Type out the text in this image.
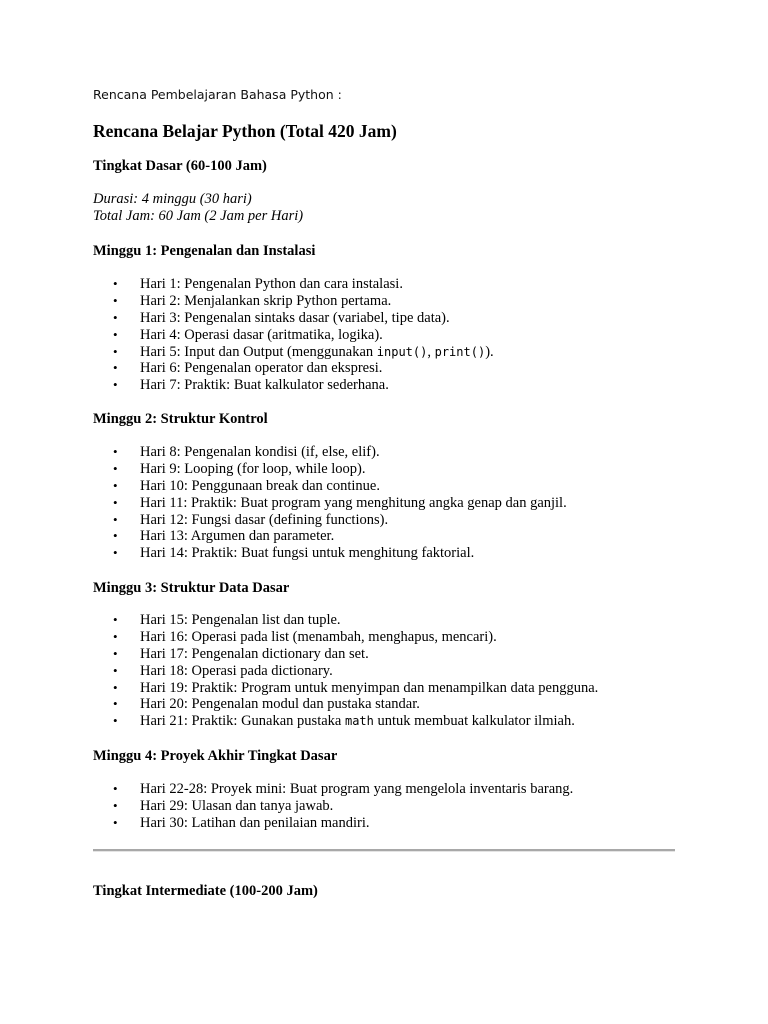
Rencana Pembelajaran Bahasa Python :
Rencana Belajar Python (Total 420 Jam)
Tingkat Dasar (60-100 Jam)
Durasi: 4 minggu (30 hari)
Total Jam: 60 Jam (2 Jam per Hari)
Minggu 1: Pengenalan dan Instalasi
• Hari 1: Pengenalan Python dan cara instalasi.
• Hari 2: Menjalankan skrip Python pertama.
• Hari 3: Pengenalan sintaks dasar (variabel, tipe data).
• Hari 4: Operasi dasar (aritmatika, logika).
• Hari 5: Input dan Output (menggunakan input(), print()).
• Hari 6: Pengenalan operator dan ekspresi.
• Hari 7: Praktik: Buat kalkulator sederhana.
Minggu 2: Struktur Kontrol
• Hari 8: Pengenalan kondisi (if, else, elif).
• Hari 9: Looping (for loop, while loop).
• Hari 10: Penggunaan break dan continue.
• Hari 11: Praktik: Buat program yang menghitung angka genap dan ganjil.
• Hari 12: Fungsi dasar (defining functions).
• Hari 13: Argumen dan parameter.
• Hari 14: Praktik: Buat fungsi untuk menghitung faktorial.
Minggu 3: Struktur Data Dasar
• Hari 15: Pengenalan list dan tuple.
• Hari 16: Operasi pada list (menambah, menghapus, mencari).
• Hari 17: Pengenalan dictionary dan set.
• Hari 18: Operasi pada dictionary.
• Hari 19: Praktik: Program untuk menyimpan dan menampilkan data pengguna.
• Hari 20: Pengenalan modul dan pustaka standar.
• Hari 21: Praktik: Gunakan pustaka math untuk membuat kalkulator ilmiah.
Minggu 4: Proyek Akhir Tingkat Dasar
• Hari 22-28: Proyek mini: Buat program yang mengelola inventaris barang.
• Hari 29: Ulasan dan tanya jawab.
• Hari 30: Latihan dan penilaian mandiri.
Tingkat Intermediate (100-200 Jam)
